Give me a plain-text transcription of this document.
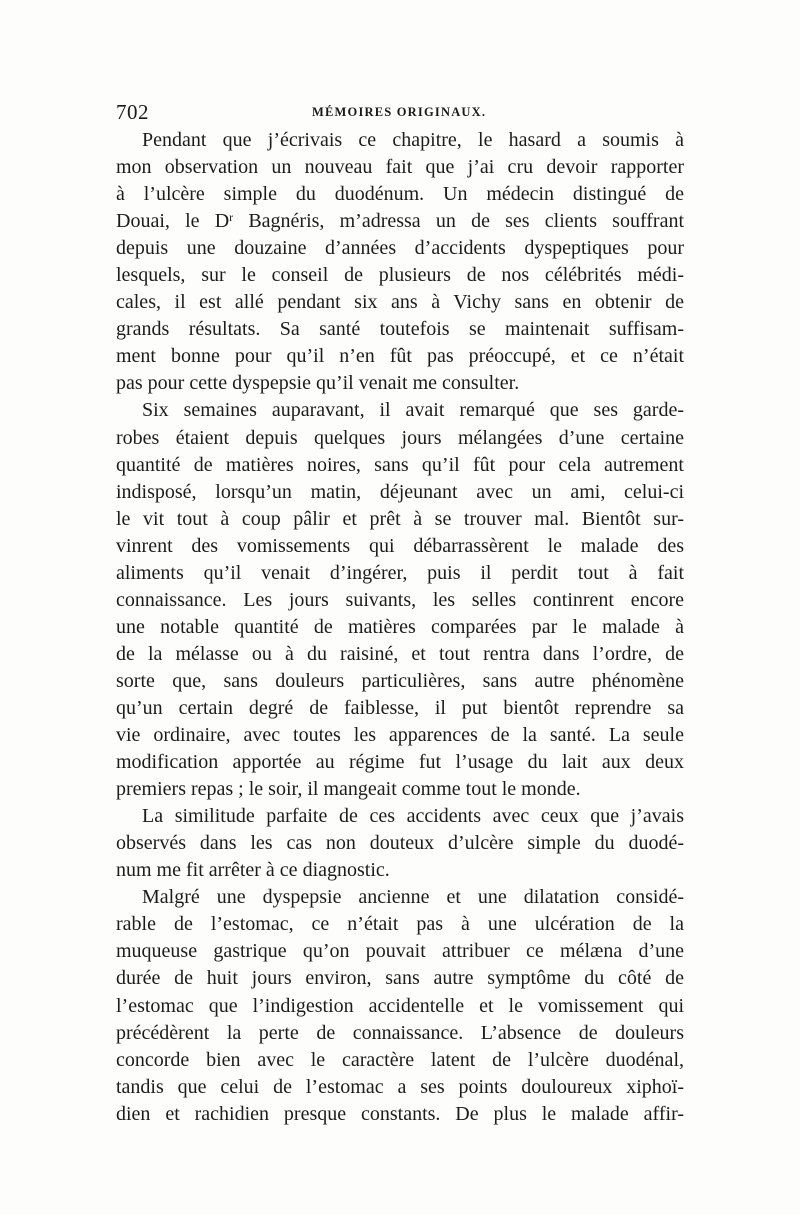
702	MÉMOIRES ORIGINAUX.
Pendant que j’écrivais ce chapitre, le hasard a soumis à
mon observation un nouveau fait que j’ai cru devoir rapporter
à l’ulcère simple du duodénum. Un médecin distingué de
Douai, le $D^r$ Bagnéris, m’adressa un de ses clients souffrant
depuis une douzaine d’années d’accidents dyspeptiques pour
lesquels, sur le conseil de plusieurs de nos célébrités médi-
cales, il est allé pendant six ans à Vichy sans en obtenir de
grands résultats. Sa santé toutefois se maintenait suffisam-
ment bonne pour qu’il n’en fût pas préoccupé, et ce n’était
pas pour cette dyspepsie qu’il venait me consulter.
Six semaines auparavant, il avait remarqué que ses garde-
robes étaient depuis quelques jours mélangées d’une certaine
quantité de matières noires, sans qu’il fût pour cela autrement
indisposé, lorsqu’un matin, déjeunant avec un ami, celui-ci
le vit tout à coup pâlir et prêt à se trouver mal. Bientôt sur-
vinrent des vomissements qui débarrassèrent le malade des
aliments qu’il venait d’ingérer, puis il perdit tout à fait
connaissance. Les jours suivants, les selles continrent encore
une notable quantité de matières comparées par le malade à
de la mélasse ou à du raisiné, et tout rentra dans l’ordre, de
sorte que, sans douleurs particulières, sans autre phénomène
qu’un certain degré de faiblesse, il put bientôt reprendre sa
vie ordinaire, avec toutes les apparences de la santé. La seule
modification apportée au régime fut l’usage du lait aux deux
premiers repas ; le soir, il mangeait comme tout le monde.
La similitude parfaite de ces accidents avec ceux que j’avais
observés dans les cas non douteux d’ulcère simple du duodé-
num me fit arrêter à ce diagnostic.
Malgré une dyspepsie ancienne et une dilatation considé-
rable de l’estomac, ce n’était pas à une ulcération de la
muqueuse gastrique qu’on pouvait attribuer ce mélæna d’une
durée de huit jours environ, sans autre symptôme du côté de
l’estomac que l’indigestion accidentelle et le vomissement qui
précédèrent la perte de connaissance. L’absence de douleurs
concorde bien avec le caractère latent de l’ulcère duodénal,
tandis que celui de l’estomac a ses points douloureux xiphoï-
dien et rachidien presque constants. De plus le malade affir-
